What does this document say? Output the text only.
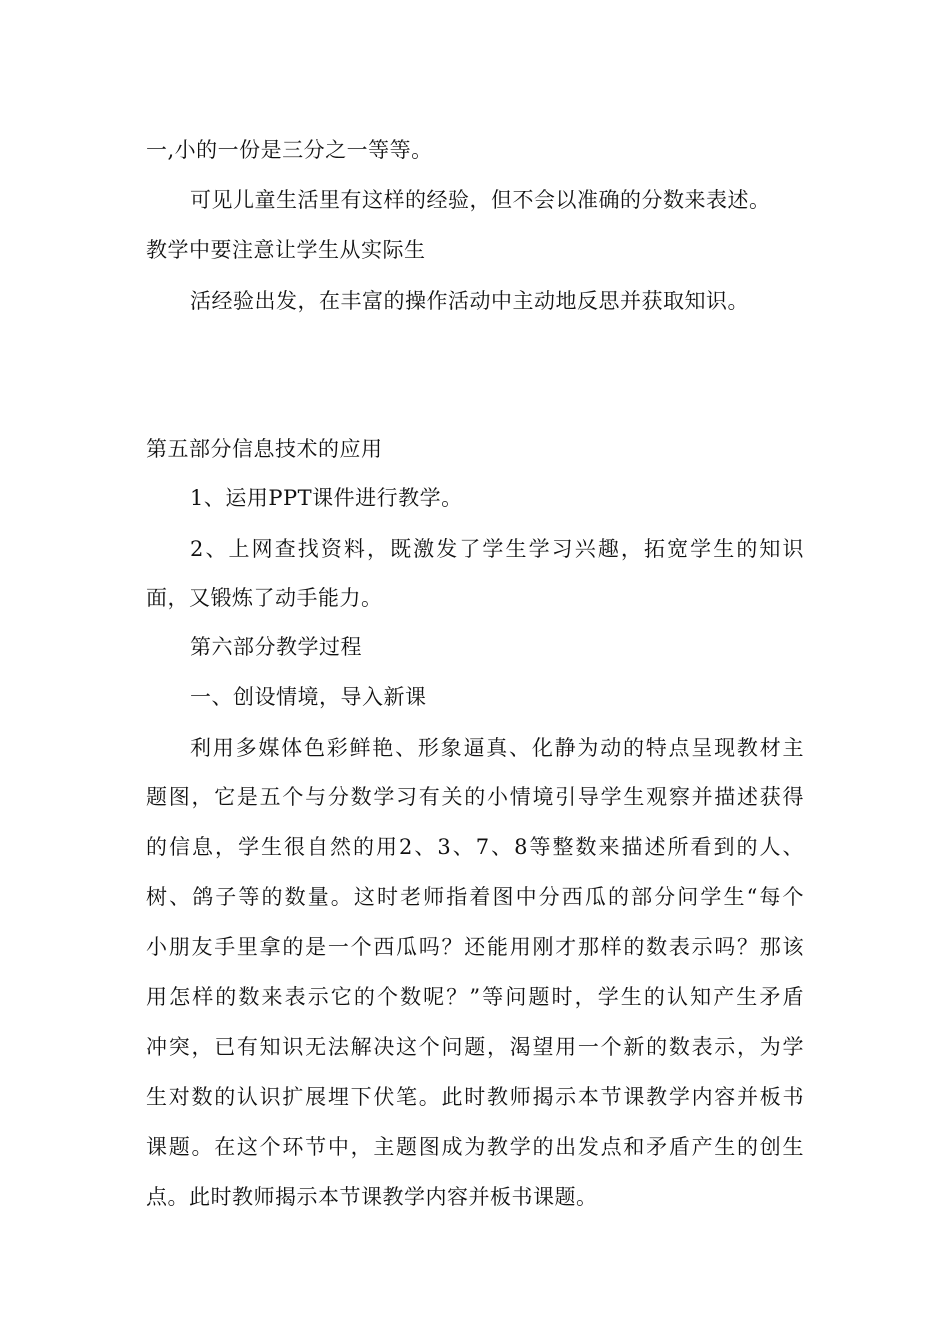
一,小的一份是三分之一等等。
可见儿童生活里有这样的经验，但不会以准确的分数来表述。
教学中要注意让学生从实际生
活经验出发，在丰富的操作活动中主动地反思并获取知识。
第五部分信息技术的应用
1、运用PPT课件进行教学。
2、上网查找资料，既激发了学生学习兴趣，拓宽学生的知识
面，又锻炼了动手能力。
第六部分教学过程
一、创设情境，导入新课
利用多媒体色彩鲜艳、形象逼真、化静为动的特点呈现教材主
题图，它是五个与分数学习有关的小情境引导学生观察并描述获得
的信息，学生很自然的用2、3、7、8等整数来描述所看到的人、
树、鸽子等的数量。这时老师指着图中分西瓜的部分问学生“每个
小朋友手里拿的是一个西瓜吗？还能用刚才那样的数表示吗？那该
用怎样的数来表示它的个数呢？”等问题时，学生的认知产生矛盾
冲突，已有知识无法解决这个问题，渴望用一个新的数表示，为学
生对数的认识扩展埋下伏笔。此时教师揭示本节课教学内容并板书
课题。在这个环节中，主题图成为教学的出发点和矛盾产生的创生
点。此时教师揭示本节课教学内容并板书课题。
